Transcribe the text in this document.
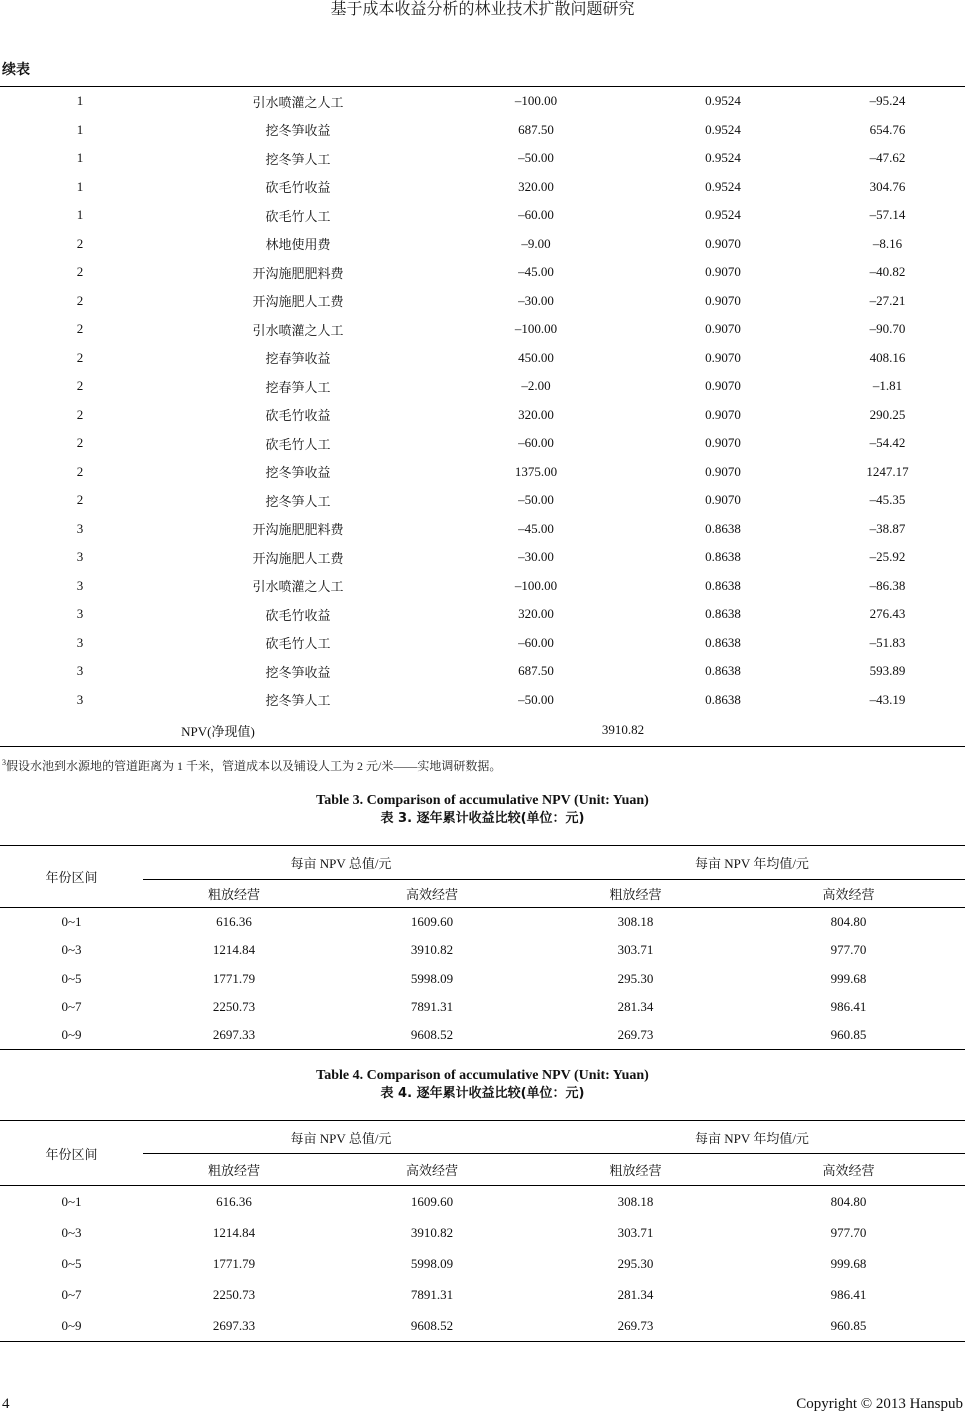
基于成本收益分析的林业技术扩散问题研究
续表
1	引水喷灌之人工	–100.00	0.9524	–95.24
1	挖冬笋收益	687.50	0.9524	654.76
1	挖冬笋人工	–50.00	0.9524	–47.62
1	砍毛竹收益	320.00	0.9524	304.76
1	砍毛竹人工	–60.00	0.9524	–57.14
2	林地使用费	–9.00	0.9070	–8.16
2	开沟施肥肥料费	–45.00	0.9070	–40.82
2	开沟施肥人工费	–30.00	0.9070	–27.21
2	引水喷灌之人工	–100.00	0.9070	–90.70
2	挖春笋收益	450.00	0.9070	408.16
2	挖春笋人工	–2.00	0.9070	–1.81
2	砍毛竹收益	320.00	0.9070	290.25
2	砍毛竹人工	–60.00	0.9070	–54.42
2	挖冬笋收益	1375.00	0.9070	1247.17
2	挖冬笋人工	–50.00	0.9070	–45.35
3	开沟施肥肥料费	–45.00	0.8638	–38.87
3	开沟施肥人工费	–30.00	0.8638	–25.92
3	引水喷灌之人工	–100.00	0.8638	–86.38
3	砍毛竹收益	320.00	0.8638	276.43
3	砍毛竹人工	–60.00	0.8638	–51.83
3	挖冬笋收益	687.50	0.8638	593.89
3	挖冬笋人工	–50.00	0.8638	–43.19
NPV(净现值)		3910.82		
$^3$假设水池到水源地的管道距离为 1 千米，管道成本以及铺设人工为 2 元/米——实地调研数据。
Table 3. Comparison of accumulative NPV (Unit: Yuan)
表 3. 逐年累计收益比较(单位：元)
年份区间	每亩 NPV 总值/元		每亩 NPV 年均值/元	
	粗放经营	高效经营	粗放经营	高效经营
0~1	616.36	1609.60	308.18	804.80
0~3	1214.84	3910.82	303.71	977.70
0~5	1771.79	5998.09	295.30	999.68
0~7	2250.73	7891.31	281.34	986.41
0~9	2697.33	9608.52	269.73	960.85
Table 4. Comparison of accumulative NPV (Unit: Yuan)
表 4. 逐年累计收益比较(单位：元)
年份区间	每亩 NPV 总值/元		每亩 NPV 年均值/元	
	粗放经营	高效经营	粗放经营	高效经营
0~1	616.36	1609.60	308.18	804.80
0~3	1214.84	3910.82	303.71	977.70
0~5	1771.79	5998.09	295.30	999.68
0~7	2250.73	7891.31	281.34	986.41
0~9	2697.33	9608.52	269.73	960.85
4	Copyright © 2013 Hanspub
